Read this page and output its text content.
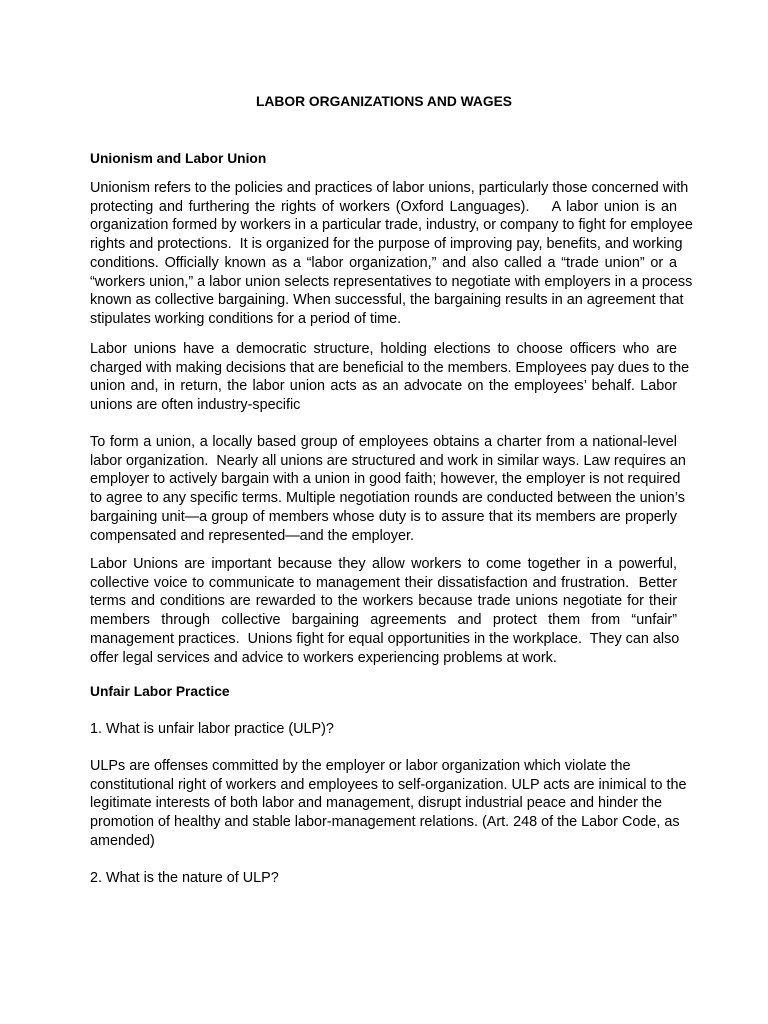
LABOR ORGANIZATIONS AND WAGES
Unionism and Labor Union
Unionism refers to the policies and practices of labor unions, particularly those concerned with
protecting and furthering the rights of workers (Oxford Languages).    A labor union is an
organization formed by workers in a particular trade, industry, or company to fight for employee
rights and protections.  It is organized for the purpose of improving pay, benefits, and working
conditions. Officially known as a “labor organization,” and also called a “trade union” or a
“workers union,” a labor union selects representatives to negotiate with employers in a process
known as collective bargaining. When successful, the bargaining results in an agreement that
stipulates working conditions for a period of time.
Labor unions have a democratic structure, holding elections to choose officers who are
charged with making decisions that are beneficial to the members. Employees pay dues to the
union and, in return, the labor union acts as an advocate on the employees’ behalf. Labor
unions are often industry-specific
To form a union, a locally based group of employees obtains a charter from a national-level
labor organization.  Nearly all unions are structured and work in similar ways. Law requires an
employer to actively bargain with a union in good faith; however, the employer is not required
to agree to any specific terms. Multiple negotiation rounds are conducted between the union’s
bargaining unit—a group of members whose duty is to assure that its members are properly
compensated and represented—and the employer.
Labor Unions are important because they allow workers to come together in a powerful,
collective voice to communicate to management their dissatisfaction and frustration.  Better
terms and conditions are rewarded to the workers because trade unions negotiate for their
members through collective bargaining agreements and protect them from “unfair”
management practices.  Unions fight for equal opportunities in the workplace.  They can also
offer legal services and advice to workers experiencing problems at work.
Unfair Labor Practice
1. What is unfair labor practice (ULP)?
ULPs are offenses committed by the employer or labor organization which violate the
constitutional right of workers and employees to self-organization. ULP acts are inimical to the
legitimate interests of both labor and management, disrupt industrial peace and hinder the
promotion of healthy and stable labor-management relations. (Art. 248 of the Labor Code, as
amended)
2. What is the nature of ULP?
